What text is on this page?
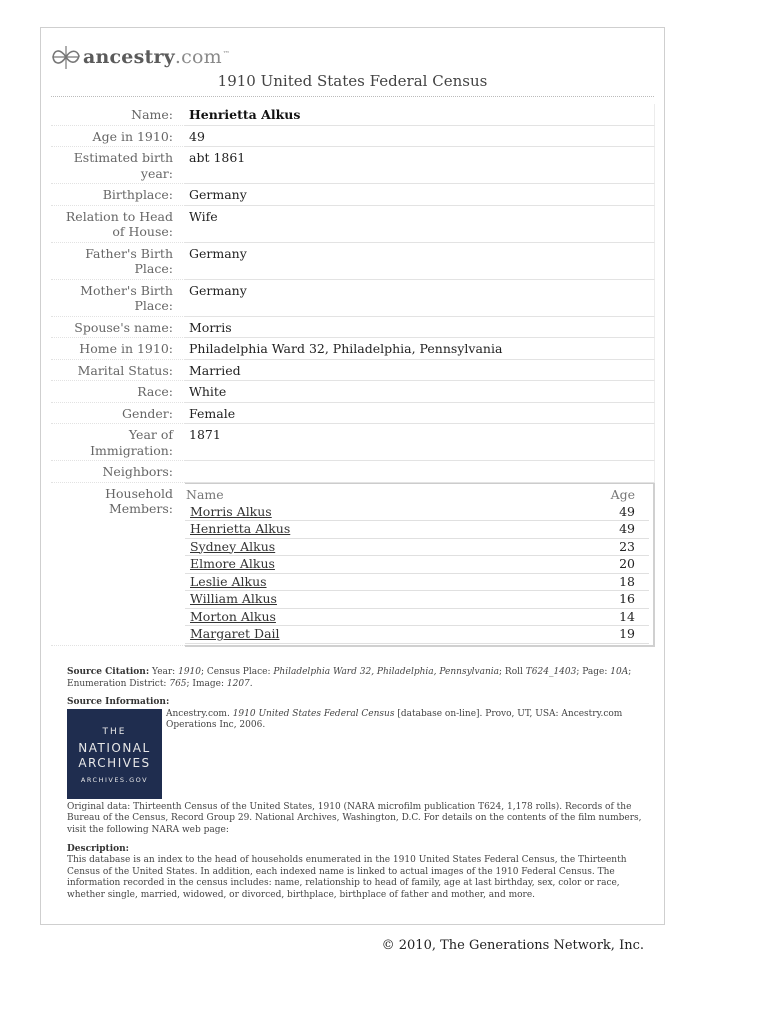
ancestry.com™
1910 United States Federal Census
Name:	Henrietta Alkus
Age in 1910:	49
Estimated birth year:
abt 1861
Birthplace:	Germany
Relation to Head of House:
Wife
Father's Birth Place:
Germany
Mother's Birth Place:
Germany
Spouse's name:	Morris
Home in 1910:	Philadelphia Ward 32, Philadelphia, Pennsylvania
Marital Status:	Married
Race:	White
Gender:	Female
Year of Immigration:
1871
Neighbors:
Household Members:
Name	Age
Morris Alkus	49
Henrietta Alkus	49
Sydney Alkus	23
Elmore Alkus	20
Leslie Alkus	18
William Alkus	16
Morton Alkus	14
Margaret Dail	19
Source Citation: Year: 1910; Census Place: Philadelphia Ward 32, Philadelphia, Pennsylvania; Roll T624_1403; Page: 10A; Enumeration District: 765; Image: 1207.
Source Information:
THE
NATIONAL
ARCHIVES
ARCHIVES.GOV
Ancestry.com. 1910 United States Federal Census [database on-line]. Provo, UT, USA: Ancestry.com Operations Inc, 2006.
Original data: Thirteenth Census of the United States, 1910 (NARA microfilm publication T624, 1,178 rolls). Records of the Bureau of the Census, Record Group 29. National Archives, Washington, D.C. For details on the contents of the film numbers, visit the following NARA web page:
Description:
This database is an index to the head of households enumerated in the 1910 United States Federal Census, the Thirteenth Census of the United States. In addition, each indexed name is linked to actual images of the 1910 Federal Census. The information recorded in the census includes: name, relationship to head of family, age at last birthday, sex, color or race, whether single, married, widowed, or divorced, birthplace, birthplace of father and mother, and more.
© 2010, The Generations Network, Inc.
